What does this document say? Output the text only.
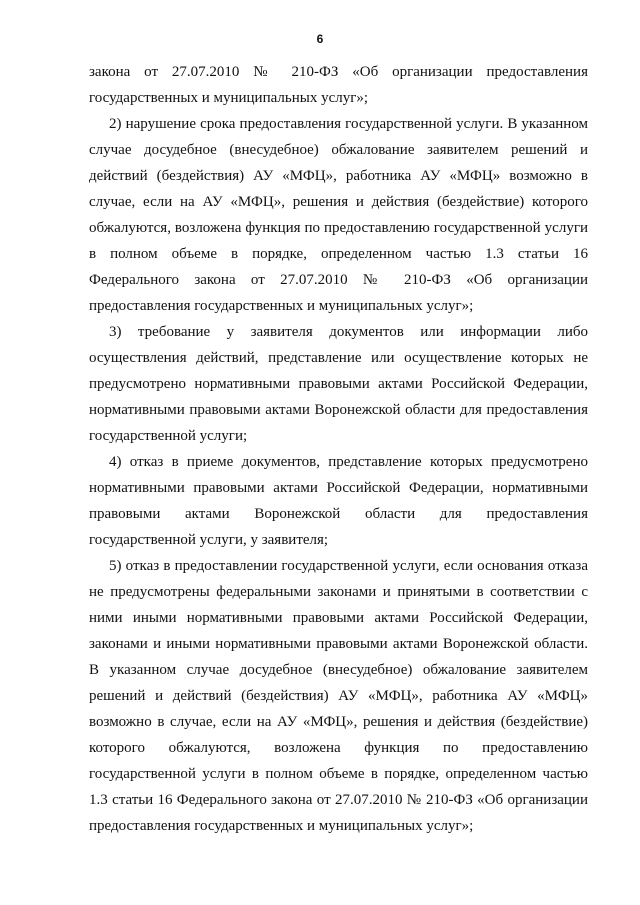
6

закона от 27.07.2010 № 210-ФЗ «Об организации предоставления государственных и муниципальных услуг»;

2) нарушение срока предоставления государственной услуги. В указанном случае досудебное (внесудебное) обжалование заявителем решений и действий (бездействия) АУ «МФЦ», работника АУ «МФЦ» возможно в случае, если на АУ «МФЦ», решения и действия (бездействие) которого обжалуются, возложена функция по предоставлению государственной услуги в полном объеме в порядке, определенном частью 1.3 статьи 16 Федерального закона от 27.07.2010 № 210-ФЗ «Об организации предоставления государственных и муниципальных услуг»;

3) требование у заявителя документов или информации либо осуществления действий, представление или осуществление которых не предусмотрено нормативными правовыми актами Российской Федерации, нормативными правовыми актами Воронежской области для предоставления государственной услуги;

4) отказ в приеме документов, представление которых предусмотрено нормативными правовыми актами Российской Федерации, нормативными правовыми актами Воронежской области для предоставления государственной услуги, у заявителя;

5) отказ в предоставлении государственной услуги, если основания отказа не предусмотрены федеральными законами и принятыми в соответствии с ними иными нормативными правовыми актами Российской Федерации, законами и иными нормативными правовыми актами Воронежской области. В указанном случае досудебное (внесудебное) обжалование заявителем решений и действий (бездействия) АУ «МФЦ», работника АУ «МФЦ» возможно в случае, если на АУ «МФЦ», решения и действия (бездействие) которого обжалуются, возложена функция по предоставлению государственной услуги в полном объеме в порядке, определенном частью 1.3 статьи 16 Федерального закона от 27.07.2010 № 210-ФЗ «Об организации предоставления государственных и муниципальных услуг»;
